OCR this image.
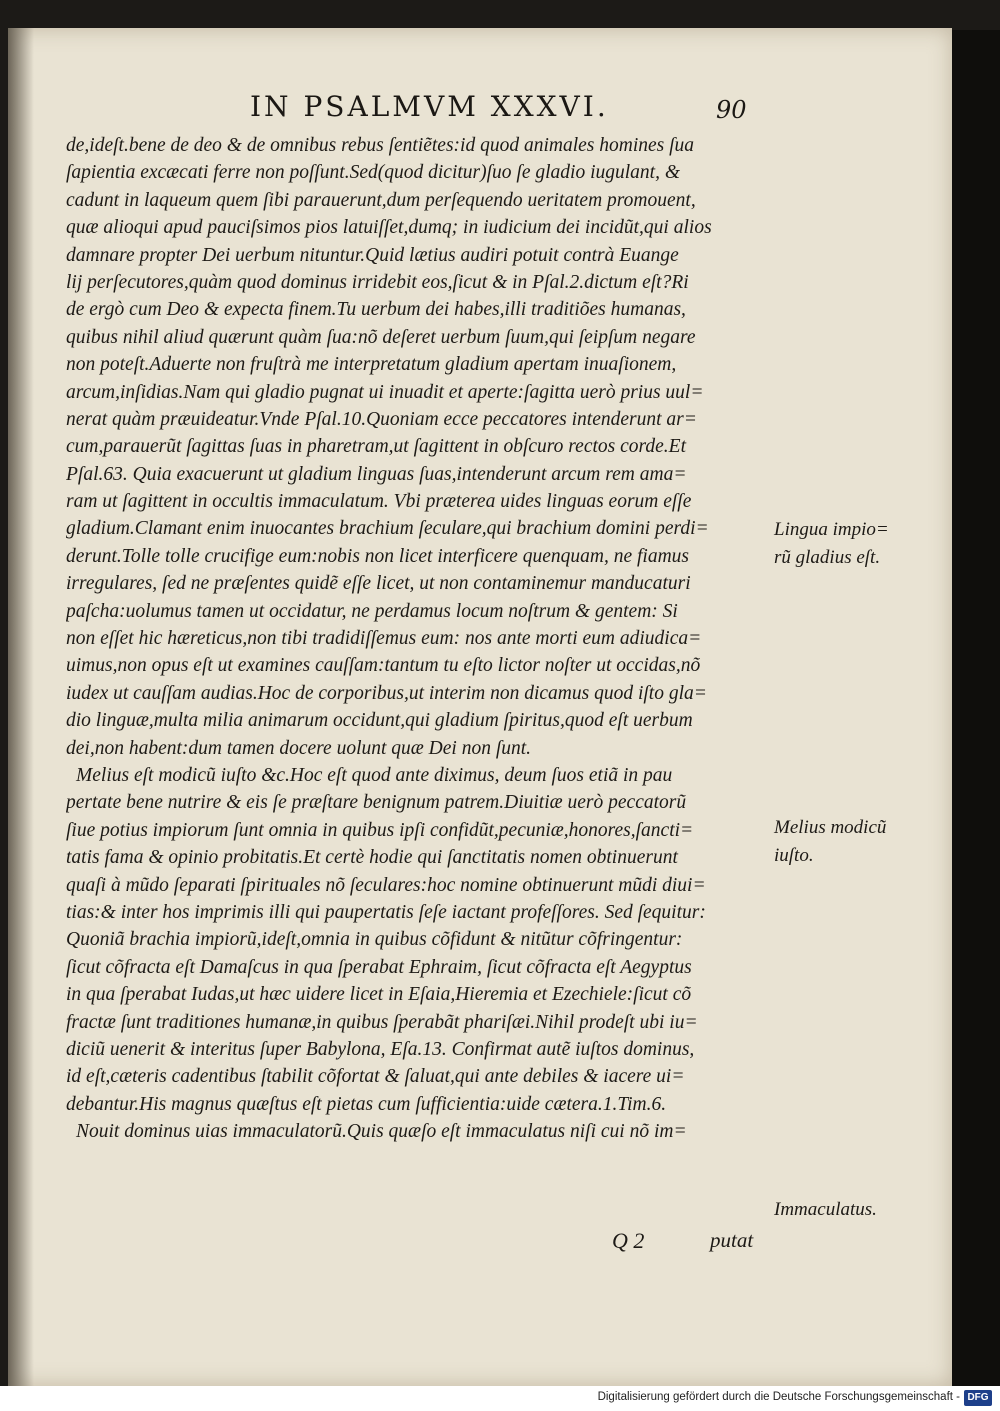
IN PSALMVM XXXVI.	90
de,ideſt.bene de deo & de omnibus rebus ſentiẽtes:id quod animales homines ſua
ſapientia excæcati ferre non poſſunt.Sed(quod dicitur)ſuo ſe gladio iugulant, &
cadunt in laqueum quem ſibi parauerunt,dum perſequendo ueritatem promouent,
quæ alioqui apud pauciſsimos pios latuiſſet,dumq; in iudicium dei incidũt,qui alios
damnare propter Dei uerbum nituntur.Quid lætius audiri potuit contrà Euange
lij perſecutores,quàm quod dominus irridebit eos,ſicut & in Pſal.2.dictum eſt?Ri
de ergò cum Deo & expecta finem.Tu uerbum dei habes,illi traditiões humanas,
quibus nihil aliud quærunt quàm ſua:nõ deſeret uerbum ſuum,qui ſeipſum negare
non poteſt.Aduerte non fruſtrà me interpretatum gladium apertam inuaſionem,
arcum,inſidias.Nam qui gladio pugnat ui inuadit et aperte:ſagitta uerò prius uul=
nerat quàm præuideatur.Vnde Pſal.10.Quoniam ecce peccatores intenderunt ar=
cum,parauerũt ſagittas ſuas in pharetram,ut ſagittent in obſcuro rectos corde.Et
Pſal.63. Quia exacuerunt ut gladium linguas ſuas,intenderunt arcum rem ama=
ram ut ſagittent in occultis immaculatum. Vbi præterea uides linguas eorum eſſe
gladium.Clamant enim inuocantes brachium ſeculare,qui brachium domini perdi=
derunt.Tolle tolle crucifige eum:nobis non licet interficere quenquam, ne fiamus
irregulares, ſed ne præſentes quidẽ eſſe licet, ut non contaminemur manducaturi
paſcha:uolumus tamen ut occidatur, ne perdamus locum noſtrum & gentem: Si
non eſſet hic hæreticus,non tibi tradidiſſemus eum: nos ante morti eum adiudica=
uimus,non opus eſt ut examines cauſſam:tantum tu eſto lictor noſter ut occidas,nõ
iudex ut cauſſam audias.Hoc de corporibus,ut interim non dicamus quod iſto gla=
dio linguæ,multa milia animarum occidunt,qui gladium ſpiritus,quod eſt uerbum
dei,non habent:dum tamen docere uolunt quæ Dei non ſunt.
Melius eſt modicũ iuſto &c.Hoc eſt quod ante diximus, deum ſuos etiã in pau
pertate bene nutrire & eis ſe præſtare benignum patrem.Diuitiæ uerò peccatorũ
ſiue potius impiorum ſunt omnia in quibus ipſi confidũt,pecuniæ,honores,ſancti=
tatis fama & opinio probitatis.Et certè hodie qui ſanctitatis nomen obtinuerunt
quaſi à mũdo ſeparati ſpirituales nõ ſeculares:hoc nomine obtinuerunt mũdi diui=
tias:& inter hos imprimis illi qui paupertatis ſeſe iactant profeſſores. Sed ſequitur:
Quoniã brachia impiorũ,ideſt,omnia in quibus cõfidunt & nitũtur cõfringentur:
ſicut cõfracta eſt Damaſcus in qua ſperabat Ephraim, ſicut cõfracta eſt Aegyptus
in qua ſperabat Iudas,ut hæc uidere licet in Eſaia,Hieremia et Ezechiele:ſicut cõ
fractæ ſunt traditiones humanæ,in quibus ſperabãt phariſæi.Nihil prodeſt ubi iu=
diciũ uenerit & interitus ſuper Babylona, Eſa.13. Confirmat autẽ iuſtos dominus,
id eſt,cæteris cadentibus ſtabilit cõfortat & ſaluat,qui ante debiles & iacere ui=
debantur.His magnus quæſtus eſt pietas cum ſufficientia:uide cætera.1.Tim.6.
Nouit dominus uias immaculatorũ.Quis quæſo eſt immaculatus niſi cui nõ im=
Lingua impio=
rũ gladius eſt.
Melius modicũ
iuſto.
Immaculatus.
Q 2	putat
Digitalisierung gefördert durch die Deutsche Forschungsgemeinschaft - DFG
